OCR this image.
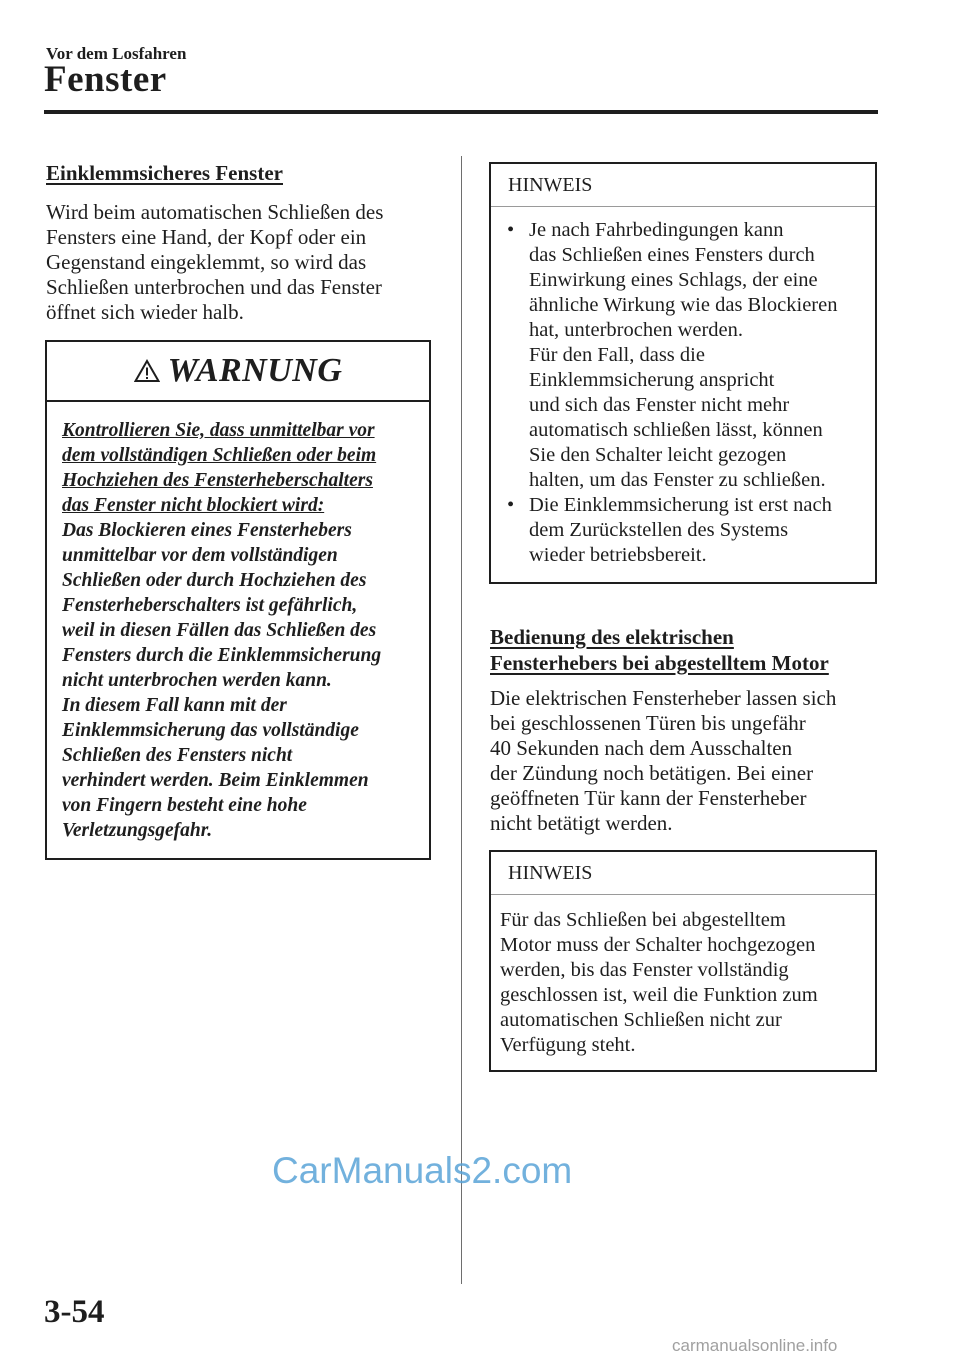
Vor dem Losfahren
Fenster
Einklemmsicheres Fenster
Wird beim automatischen Schließen des
Fensters eine Hand, der Kopf oder ein
Gegenstand eingeklemmt, so wird das
Schließen unterbrochen und das Fenster
öffnet sich wieder halb.
WARNUNG
Kontrollieren Sie, dass unmittelbar vor
dem vollständigen Schließen oder beim
Hochziehen des Fensterheberschalters
das Fenster nicht blockiert wird:
Das Blockieren eines Fensterhebers
unmittelbar vor dem vollständigen
Schließen oder durch Hochziehen des
Fensterheberschalters ist gefährlich,
weil in diesen Fällen das Schließen des
Fensters durch die Einklemmsicherung
nicht unterbrochen werden kann.
In diesem Fall kann mit der
Einklemmsicherung das vollständige
Schließen des Fensters nicht
verhindert werden. Beim Einklemmen
von Fingern besteht eine hohe
Verletzungsgefahr.
HINWEIS
• Je nach Fahrbedingungen kann
das Schließen eines Fensters durch
Einwirkung eines Schlags, der eine
ähnliche Wirkung wie das Blockieren
hat, unterbrochen werden.
Für den Fall, dass die
Einklemmsicherung anspricht
und sich das Fenster nicht mehr
automatisch schließen lässt, können
Sie den Schalter leicht gezogen
halten, um das Fenster zu schließen.
• Die Einklemmsicherung ist erst nach
dem Zurückstellen des Systems
wieder betriebsbereit.
Bedienung des elektrischen
Fensterhebers bei abgestelltem Motor
Die elektrischen Fensterheber lassen sich
bei geschlossenen Türen bis ungefähr
40 Sekunden nach dem Ausschalten
der Zündung noch betätigen. Bei einer
geöffneten Tür kann der Fensterheber
nicht betätigt werden.
HINWEIS
Für das Schließen bei abgestelltem
Motor muss der Schalter hochgezogen
werden, bis das Fenster vollständig
geschlossen ist, weil die Funktion zum
automatischen Schließen nicht zur
Verfügung steht.
CarManuals2.com
3-54
carmanualsonline.info
